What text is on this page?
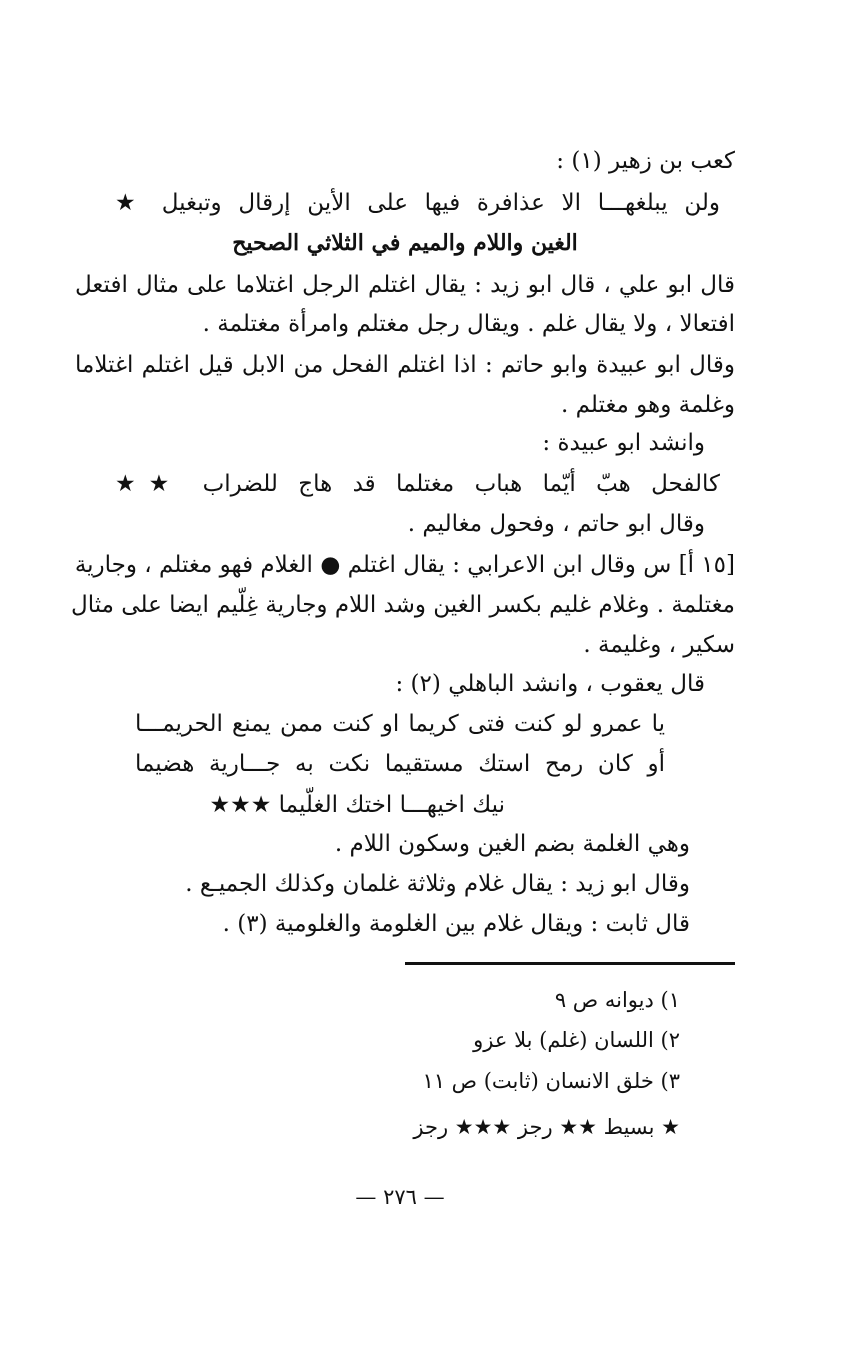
كعب بن زهير (١) :
ولن يبلغهـــا الا عذافرة فيها على الأين إرقال وتبغيل ★
الغين واللام والميم في الثلاثي الصحيح
قال ابو علي ، قال ابو زيد : يقال اغتلم الرجل اغتلاما على مثال افتعل
افتعالا ، ولا يقال غلم . ويقال رجل مغتلم وامرأة مغتلمة .
وقال ابو عبيدة وابو حاتم : اذا اغتلم الفحل من الابل قيل اغتلم اغتلاما
وغلمة وهو مغتلم .
وانشد ابو عبيدة :
كالفحل هبّ أيّما هباب مغتلما قد هاج للضراب ★★
وقال ابو حاتم ، وفحول مغاليم .
[١٥ أ] س وقال ابن الاعرابي : يقال اغتلم ● الغلام فهو مغتلم ، وجارية
مغتلمة . وغلام غليم بكسر الغين وشد اللام وجارية غِلّيم ايضا على مثال
سكير ، وغليمة .
قال يعقوب ، وانشد الباهلي (٢) :
يا عمرو لو كنت فتى كريما او كنت ممن يمنع الحريمـــا
أو كان رمح استك مستقيما نكت به جـــارية هضيما
نيك اخيهـــا اختك الغلّيما ★★★
وهي الغلمة بضم الغين وسكون اللام .
وقال ابو زيد : يقال غلام وثلاثة غلمان وكذلك الجميـع .
قال ثابت : ويقال غلام بين الغلومة والغلومية (٣) .
١) ديوانه ص ٩
٢) اللسان (غلم) بلا عزو
٣) خلق الانسان (ثابت) ص ١١
★ بسيط ★★ رجز ★★★ رجز
— ٢٧٦ —
